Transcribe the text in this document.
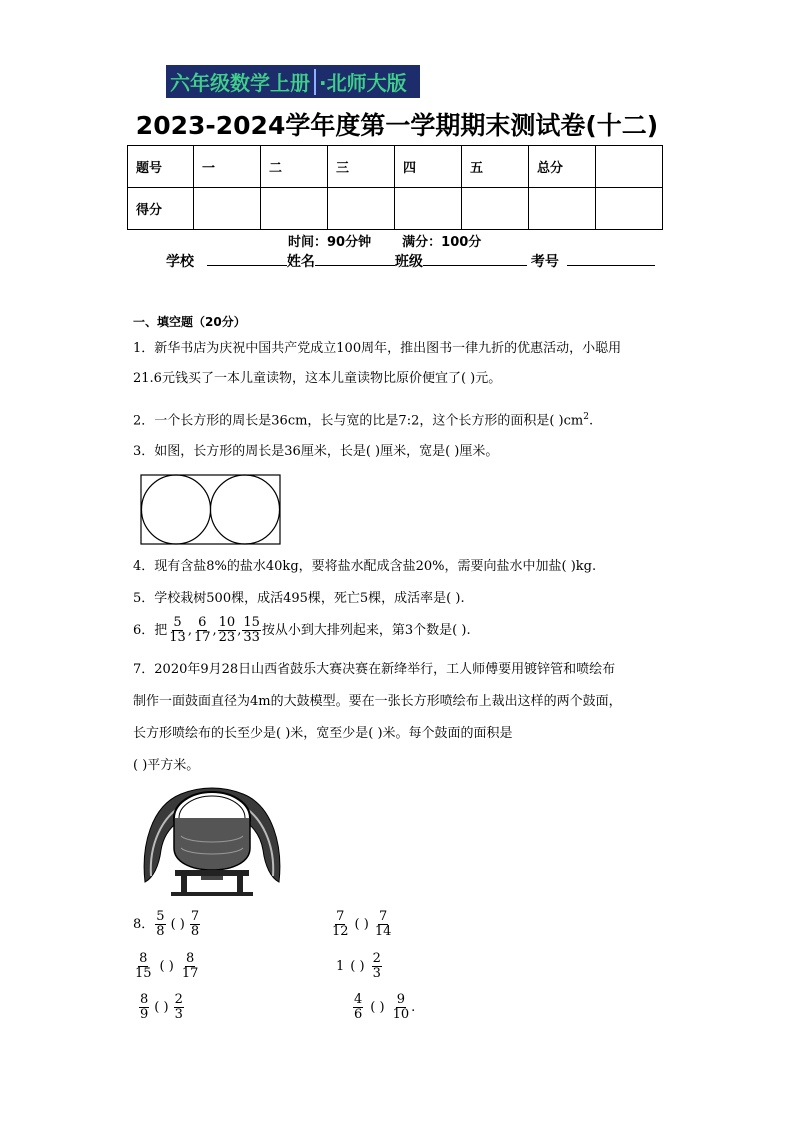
六年级数学上册 ·北师大版
2023-2024学年度第一学期期末测试卷(十二)
题号	一	二	三	四	五	总分	
得分							
时间：90分钟 满分：100分
学校	姓名	班级	考号
一、填空题（20分）
1．新华书店为庆祝中国共产党成立100周年，推出图书一律九折的优惠活动，小聪用
21.6元钱买了一本儿童读物，这本儿童读物比原价便宜了( )元。
2．一个长方形的周长是36cm，长与宽的比是7:2，这个长方形的面积是( )$cm^2$.
3．如图，长方形的周长是36厘米，长是( )厘米，宽是( )厘米。
4．现有含盐8%的盐水40kg，要将盐水配成含盐20%，需要向盐水中加盐( )kg.
5．学校栽树500棵，成活495棵，死亡5棵，成活率是( ).
6．把 $\frac{5}{13}$ , $\frac{6}{17}$ , $\frac{10}{23}$ , $\frac{15}{33}$ 按从小到大排列起来，第3个数是( ).
7．2020年9月28日山西省鼓乐大赛决赛在新绛举行，工人师傅要用镀锌管和喷绘布
制作一面鼓面直径为4m的大鼓模型。要在一张长方形喷绘布上裁出这样的两个鼓面，
长方形喷绘布的长至少是( )米，宽至少是( )米。每个鼓面的面积是
( )平方米。
8． $\frac{5}{8}$ ( ) $\frac{7}{8}$	$\frac{7}{12}$ ( ) $\frac{7}{14}$
$\frac{8}{15}$ ( ) $\frac{8}{17}$	1 ( ) $\frac{2}{3}$
$\frac{8}{9}$ ( ) $\frac{2}{3}$	$\frac{4}{6}$ ( ) $\frac{9}{10}$ .
